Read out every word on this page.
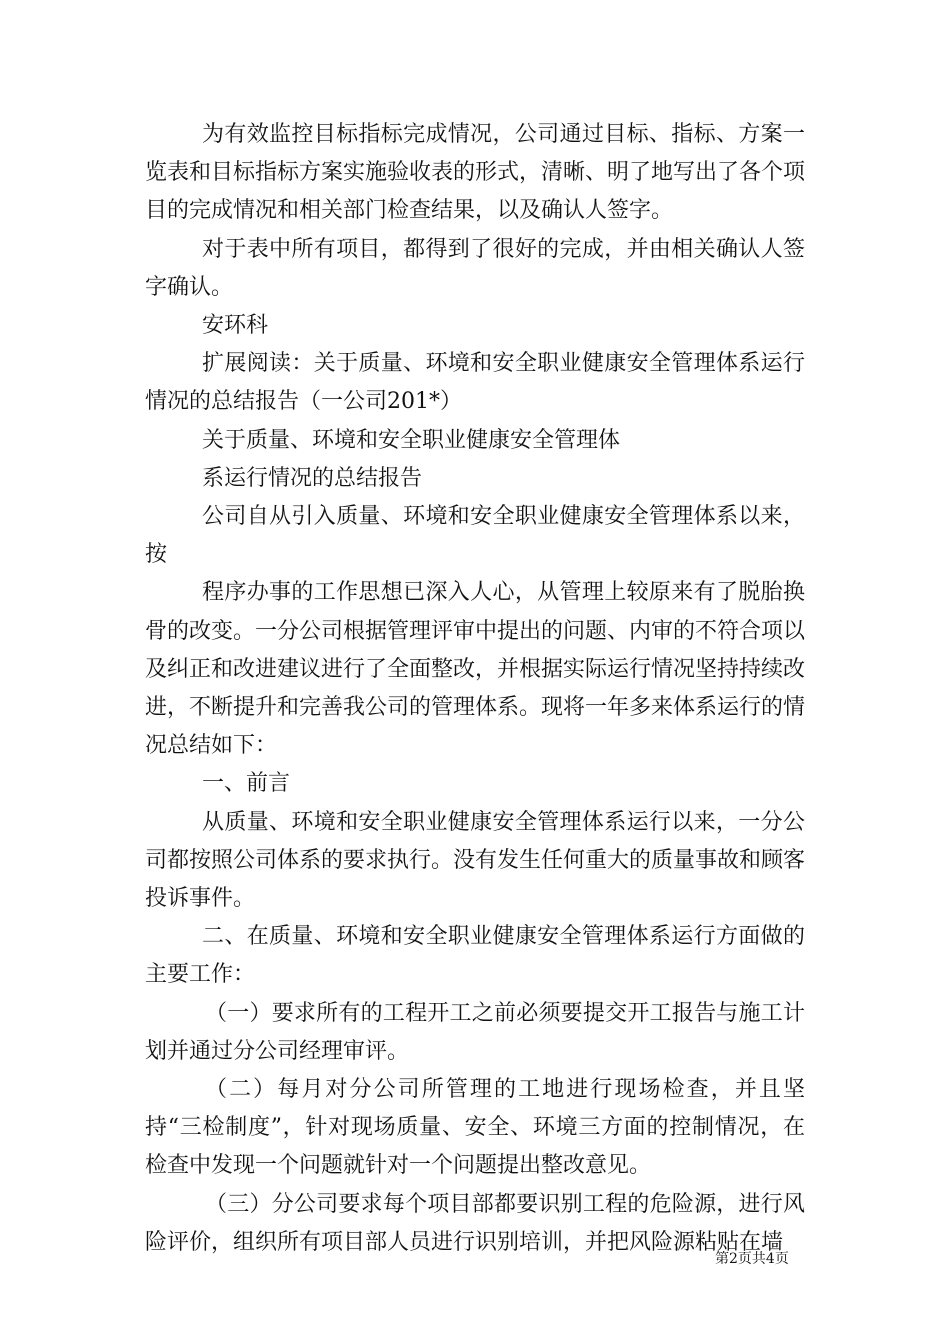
为有效监控目标指标完成情况，公司通过目标、指标、方案一览表和目标指标方案实施验收表的形式，清晰、明了地写出了各个项目的完成情况和相关部门检查结果，以及确认人签字。

对于表中所有项目，都得到了很好的完成，并由相关确认人签字确认。

安环科

扩展阅读：关于质量、环境和安全职业健康安全管理体系运行情况的总结报告（一公司201*）

关于质量、环境和安全职业健康安全管理体

系运行情况的总结报告

公司自从引入质量、环境和安全职业健康安全管理体系以来，按

程序办事的工作思想已深入人心，从管理上较原来有了脱胎换骨的改变。一分公司根据管理评审中提出的问题、内审的不符合项以及纠正和改进建议进行了全面整改，并根据实际运行情况坚持持续改进，不断提升和完善我公司的管理体系。现将一年多来体系运行的情况总结如下：

一、前言

从质量、环境和安全职业健康安全管理体系运行以来，一分公司都按照公司体系的要求执行。没有发生任何重大的质量事故和顾客投诉事件。

二、在质量、环境和安全职业健康安全管理体系运行方面做的主要工作：

（一）要求所有的工程开工之前必须要提交开工报告与施工计划并通过分公司经理审评。

（二）每月对分公司所管理的工地进行现场检查，并且坚持“三检制度”，针对现场质量、安全、环境三方面的控制情况，在检查中发现一个问题就针对一个问题提出整改意见。

（三）分公司要求每个项目部都要识别工程的危险源，进行风险评价，组织所有项目部人员进行识别培训，并把风险源粘贴在墙

第2页共4页
